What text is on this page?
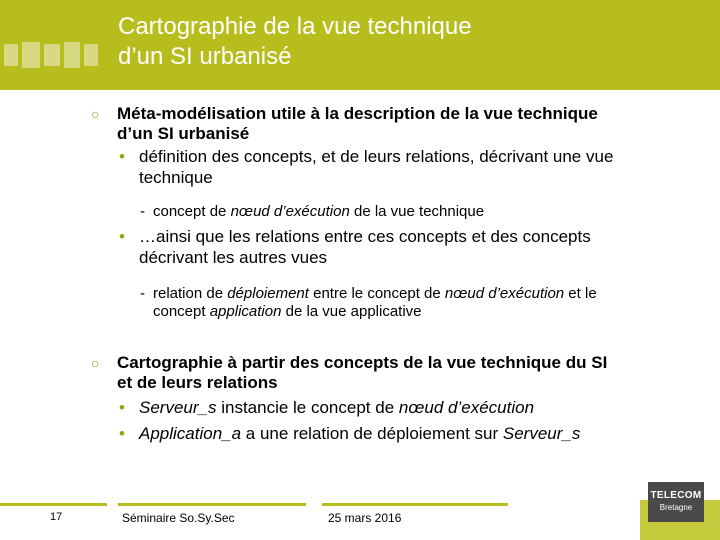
Cartographie de la vue technique
d’un SI urbanisé
○ Méta-modélisation utile à la description de la vue technique
d’un SI urbanisé
• définition des concepts, et de leurs relations, décrivant une vue
technique
- concept de nœud d’exécution de la vue technique
• …ainsi que les relations entre ces concepts et des concepts
décrivant les autres vues
- relation de déploiement entre le concept de nœud d’exécution et le
concept application de la vue applicative
○ Cartographie à partir des concepts de la vue technique du SI
et de leurs relations
• Serveur_s instancie le concept de nœud d’exécution
• Application_a a une relation de déploiement sur Serveur_s
17	Séminaire So.Sy.Sec	25 mars 2016
TELECOM
Bretagne
